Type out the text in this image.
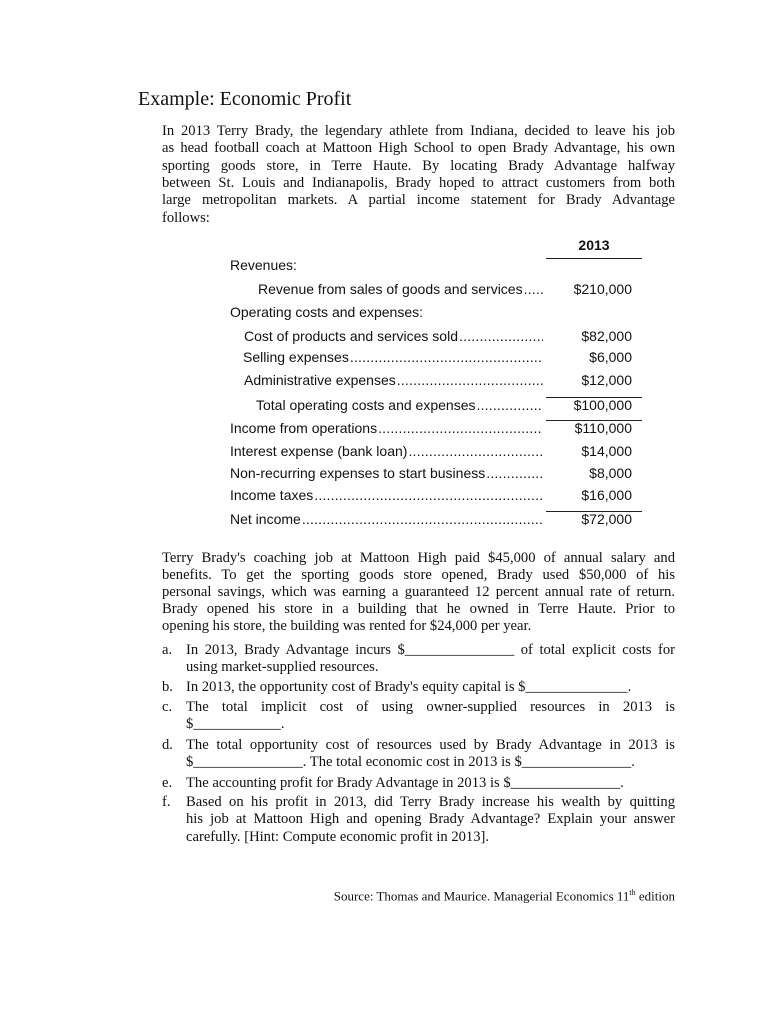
Example: Economic Profit
In 2013 Terry Brady, the legendary athlete from Indiana, decided to leave his job
as head football coach at Mattoon High School to open Brady Advantage, his own
sporting goods store, in Terre Haute. By locating Brady Advantage halfway
between St. Louis and Indianapolis, Brady hoped to attract customers from both
large metropolitan markets. A partial income statement for Brady Advantage
follows:
2013
Revenues:
Revenue from sales of goods and services .....	$210,000
Operating costs and expenses:
Cost of products and services sold .....	$82,000
Selling expenses .....	$6,000
Administrative expenses .....	$12,000
Total operating costs and expenses .....	$100,000
Income from operations .....	$110,000
Interest expense (bank loan) .....	$14,000
Non-recurring expenses to start business .....	$8,000
Income taxes .....	$16,000
Net income .....	$72,000
Terry Brady's coaching job at Mattoon High paid $45,000 of annual salary and
benefits. To get the sporting goods store opened, Brady used $50,000 of his
personal savings, which was earning a guaranteed 12 percent annual rate of return.
Brady opened his store in a building that he owned in Terre Haute. Prior to
opening his store, the building was rented for $24,000 per year.
a. In 2013, Brady Advantage incurs $_______________ of total explicit costs for
using market-supplied resources.
b. In 2013, the opportunity cost of Brady's equity capital is $______________.
c. The total implicit cost of using owner-supplied resources in 2013 is
$____________.
d. The total opportunity cost of resources used by Brady Advantage in 2013 is
$_______________. The total economic cost in 2013 is $_______________.
e. The accounting profit for Brady Advantage in 2013 is $_______________.
f. Based on his profit in 2013, did Terry Brady increase his wealth by quitting
his job at Mattoon High and opening Brady Advantage? Explain your answer
carefully. [Hint: Compute economic profit in 2013].
Source: Thomas and Maurice. Managerial Economics 11th edition
